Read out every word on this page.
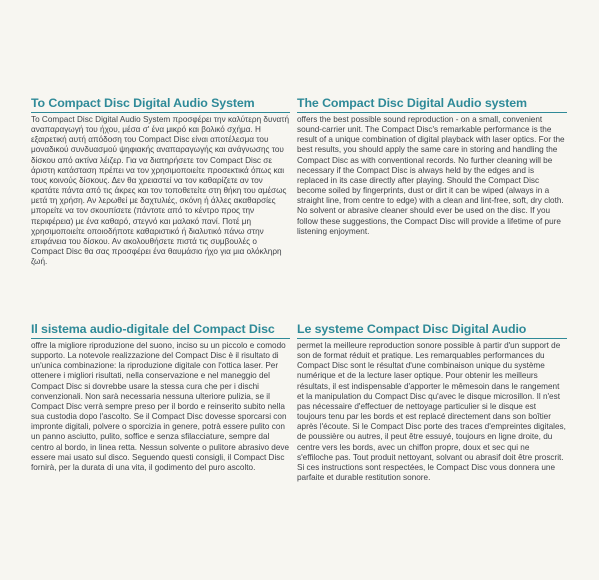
Το Compact Disc Digital Audio System

Το Compact Disc Digital Audio System προσφέρει την καλύτερη δυνατή αναπαραγωγή του ήχου, μέσα σ' ένα μικρό και βολικό σχήμα. Η εξαιρετική αυτή απόδοση του Compact Disc είναι αποτέλεσμα του μοναδικού συνδυασμού ψηφιακής αναπαραγωγής και ανάγνωσης του δίσκου από ακτίνα λέιζερ. Για να διατηρήσετε τον Compact Disc σε άριστη κατάσταση πρέπει να τον χρησιμοποιείτε προσεκτικά όπως και τους κοινούς δίσκους. Δεν θα χρειαστεί να τον καθαρίζετε αν τον κρατάτε πάντα από τις άκρες και τον τοποθετείτε στη θήκη του αμέσως μετά τη χρήση. Αν λερωθεί με δαχτυλιές, σκόνη ή άλλες ακαθαρσίες μπορείτε να τον σκουπίσετε (πάντοτε από το κέντρο προς την περιφέρεια) με ένα καθαρό, στεγνό και μαλακό πανί. Ποτέ μη χρησιμοποιείτε οποιοδήποτε καθαριστικό ή διαλυτικό πάνω στην επιφάνεια του δίσκου. Αν ακολουθήσετε πιστά τις συμβουλές ο Compact Disc θα σας προσφέρει ένα θαυμάσιο ήχο για μια ολόκληρη ζωή.

The Compact Disc Digital Audio system

offers the best possible sound reproduction - on a small, convenient sound-carrier unit. The Compact Disc's remarkable performance is the result of a unique combination of digital playback with laser optics. For the best results, you should apply the same care in storing and handling the Compact Disc as with conventional records. No further cleaning will be necessary if the Compact Disc is always held by the edges and is replaced in its case directly after playing. Should the Compact Disc become soiled by fingerprints, dust or dirt it can be wiped (always in a straight line, from centre to edge) with a clean and lint-free, soft, dry cloth. No solvent or abrasive cleaner should ever be used on the disc. If you follow these suggestions, the Compact Disc will provide a lifetime of pure listening enjoyment.

Il sistema audio-digitale del Compact Disc

offre la migliore riproduzione del suono, inciso su un piccolo e comodo supporto. La notevole realizzazione del Compact Disc è il risultato di un'unica combinazione: la riproduzione digitale con l'ottica laser. Per ottenere i migliori risultati, nella conservazione e nel maneggio del Compact Disc si dovrebbe usare la stessa cura che per i dischi convenzionali. Non sarà necessaria nessuna ulteriore pulizia, se il Compact Disc verrà sempre preso per il bordo e reinserito subito nella sua custodia dopo l'ascolto. Se il Compact Disc dovesse sporcarsi con impronte digitali, polvere o sporcizia in genere, potrà essere pulito con un panno asciutto, pulito, soffice e senza sfilacciature, sempre dal centro al bordo, in linea retta. Nessun solvente o pulitore abrasivo deve essere mai usato sul disco. Seguendo questi consigli, il Compact Disc fornirà, per la durata di una vita, il godimento del puro ascolto.

Le systeme Compact Disc Digital Audio

permet la meilleure reproduction sonore possible à partir d'un support de son de format réduit et pratique. Les remarquables performances du Compact Disc sont le résultat d'une combinaison unique du système numérique et de la lecture laser optique. Pour obtenir les meilleurs résultats, il est indispensable d'apporter le mêmesoin dans le rangement et la manipulation du Compact Disc qu'avec le disque microsillon. Il n'est pas nécessaire d'effectuer de nettoyage particulier si le disque est toujours tenu par les bords et est replacé directement dans son boîtier après l'écoute. Si le Compact Disc porte des traces d'empreintes digitales, de poussière ou autres, il peut être essuyé, toujours en ligne droite, du centre vers les bords, avec un chiffon propre, doux et sec qui ne s'effiloche pas. Tout produit nettoyant, solvant ou abrasif doit être proscrit. Si ces instructions sont respectées, le Compact Disc vous donnera une parfaite et durable restitution sonore.
